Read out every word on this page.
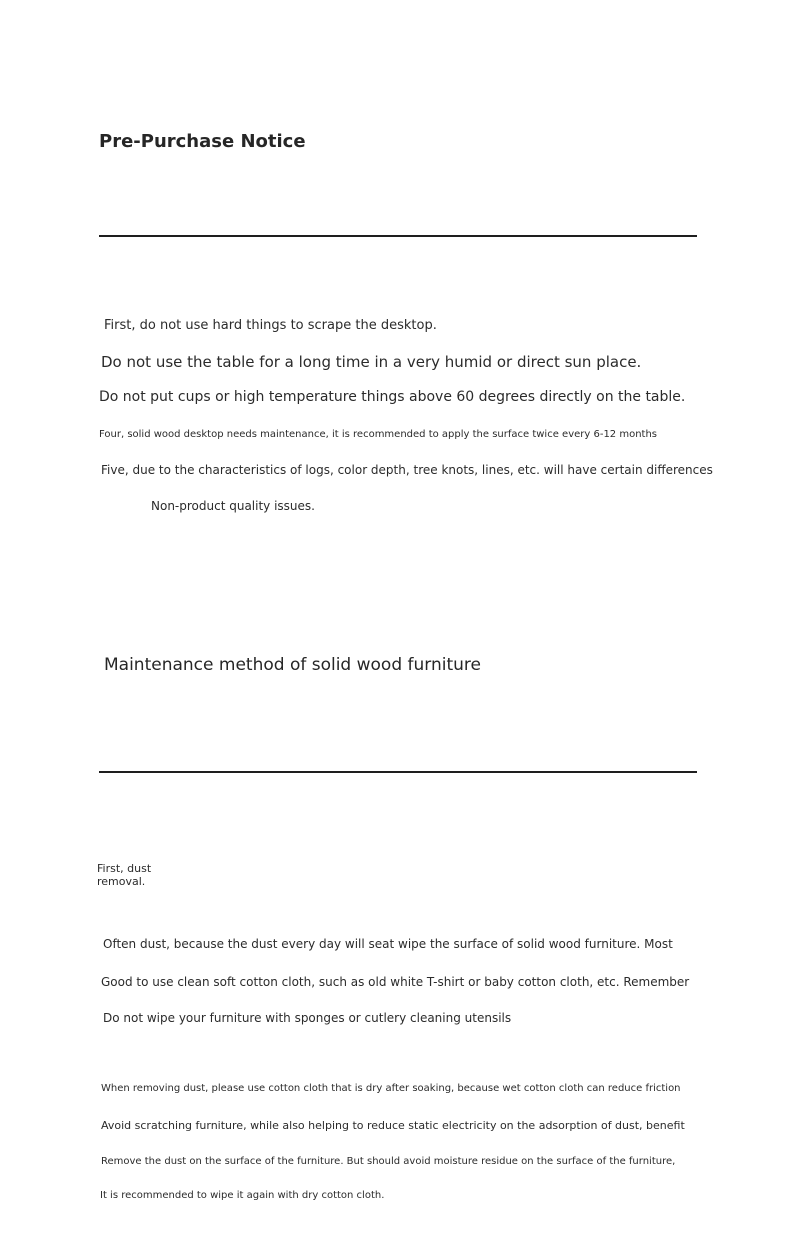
Pre-Purchase Notice

First, do not use hard things to scrape the desktop.

Do not use the table for a long time in a very humid or direct sun place.

Do not put cups or high temperature things above 60 degrees directly on the table.

Four, solid wood desktop needs maintenance, it is recommended to apply the surface twice every 6-12 months

Five, due to the characteristics of logs, color depth, tree knots, lines, etc. will have certain differences

Non-product quality issues.

Maintenance method of solid wood furniture
First, dust removal.

Often dust, because the dust every day will seat wipe the surface of solid wood furniture. Most

Good to use clean soft cotton cloth, such as old white T-shirt or baby cotton cloth, etc. Remember

Do not wipe your furniture with sponges or cutlery cleaning utensils

When removing dust, please use cotton cloth that is dry after soaking, because wet cotton cloth can reduce friction

Avoid scratching furniture, while also helping to reduce static electricity on the adsorption of dust, benefit

Remove the dust on the surface of the furniture. But should avoid moisture residue on the surface of the furniture,

It is recommended to wipe it again with dry cotton cloth.
